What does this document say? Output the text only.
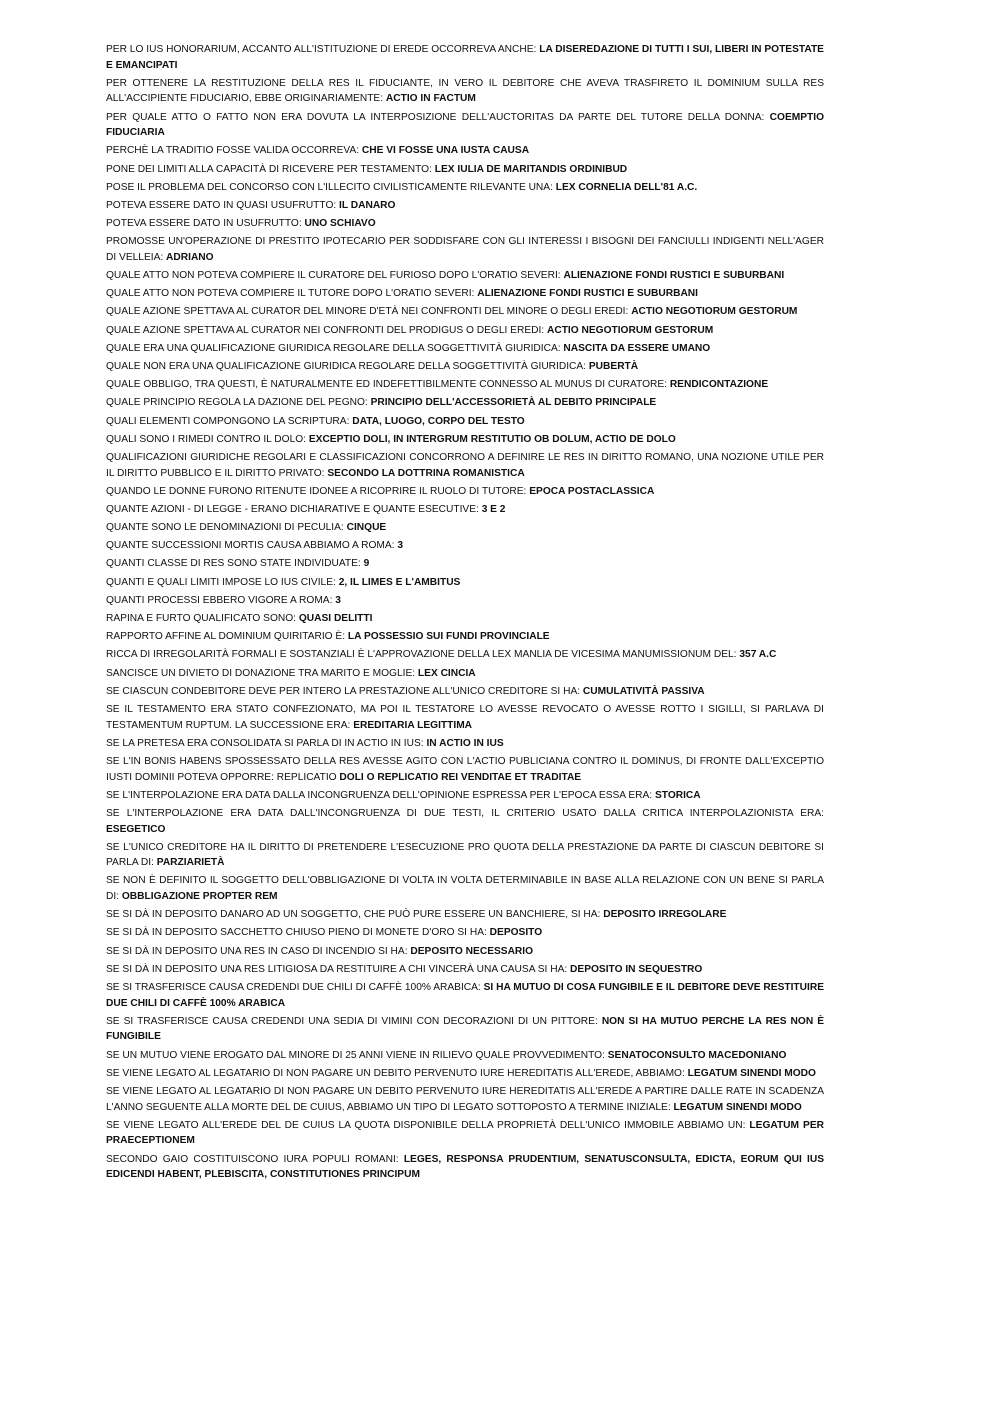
PER LO IUS HONORARIUM, ACCANTO ALL'ISTITUZIONE DI EREDE OCCORREVA ANCHE: LA DISEREDAZIONE DI TUTTI I SUI, LIBERI IN POTESTATE E EMANCIPATI

PER OTTENERE LA RESTITUZIONE DELLA RES IL FIDUCIANTE, IN VERO IL DEBITORE CHE AVEVA TRASFIRETO IL DOMINIUM SULLA RES ALL'ACCIPIENTE FIDUCIARIO, EBBE ORIGINARIAMENTE: ACTIO IN FACTUM

PER QUALE ATTO O FATTO NON ERA DOVUTA LA INTERPOSIZIONE DELL'AUCTORITAS DA PARTE DEL TUTORE DELLA DONNA: COEMPTIO FIDUCIARIA

PERCHÈ LA TRADITIO FOSSE VALIDA OCCORREVA: CHE VI FOSSE UNA IUSTA CAUSA

PONE DEI LIMITI ALLA CAPACITÀ DI RICEVERE PER TESTAMENTO: LEX IULIA DE MARITANDIS ORDINIBUD

POSE IL PROBLEMA DEL CONCORSO CON L'ILLECITO CIVILISTICAMENTE RILEVANTE UNA: LEX CORNELIA DELL'81 A.C.

POTEVA ESSERE DATO IN QUASI USUFRUTTO: IL DANARO

POTEVA ESSERE DATO IN USUFRUTTO: UNO SCHIAVO

PROMOSSE UN'OPERAZIONE DI PRESTITO IPOTECARIO PER SODDISFARE CON GLI INTERESSI I BISOGNI DEI FANCIULLI INDIGENTI NELL'AGER DI VELLEIA: ADRIANO

QUALE ATTO NON POTEVA COMPIERE IL CURATORE DEL FURIOSO DOPO L'ORATIO SEVERI: ALIENAZIONE FONDI RUSTICI E SUBURBANI

QUALE ATTO NON POTEVA COMPIERE IL TUTORE DOPO L'ORATIO SEVERI: ALIENAZIONE FONDI RUSTICI E SUBURBANI

QUALE AZIONE SPETTAVA AL CURATOR DEL MINORE D'ETÀ NEI CONFRONTI DEL MINORE O DEGLI EREDI: ACTIO NEGOTIORUM GESTORUM

QUALE AZIONE SPETTAVA AL CURATOR NEI CONFRONTI DEL PRODIGUS O DEGLI EREDI: ACTIO NEGOTIORUM GESTORUM

QUALE ERA UNA QUALIFICAZIONE GIURIDICA REGOLARE DELLA SOGGETTIVITÀ GIURIDICA: NASCITA DA ESSERE UMANO

QUALE NON ERA UNA QUALIFICAZIONE GIURIDICA REGOLARE DELLA SOGGETTIVITÀ GIURIDICA: PUBERTÀ

QUALE OBBLIGO, TRA QUESTI, È NATURALMENTE ED INDEFETTIBILMENTE CONNESSO AL MUNUS DI CURATORE: RENDICONTAZIONE

QUALE PRINCIPIO REGOLA LA DAZIONE DEL PEGNO: PRINCIPIO DELL'ACCESSORIETÀ AL DEBITO PRINCIPALE

QUALI ELEMENTI COMPONGONO LA SCRIPTURA: DATA, LUOGO, CORPO DEL TESTO

QUALI SONO I RIMEDI CONTRO IL DOLO: EXCEPTIO DOLI, IN INTERGRUM RESTITUTIO OB DOLUM, ACTIO DE DOLO

QUALIFICAZIONI GIURIDICHE REGOLARI E CLASSIFICAZIONI CONCORRONO A DEFINIRE LE RES IN DIRITTO ROMANO, UNA NOZIONE UTILE PER IL DIRITTO PUBBLICO E IL DIRITTO PRIVATO: SECONDO LA DOTTRINA ROMANISTICA

QUANDO LE DONNE FURONO RITENUTE IDONEE A RICOPRIRE IL RUOLO DI TUTORE: EPOCA POSTACLASSICA

QUANTE AZIONI - DI LEGGE - ERANO DICHIARATIVE E QUANTE ESECUTIVE: 3 E 2

QUANTE SONO LE DENOMINAZIONI DI PECULIA: CINQUE

QUANTE SUCCESSIONI MORTIS CAUSA ABBIAMO A ROMA: 3

QUANTI CLASSE DI RES SONO STATE INDIVIDUATE: 9

QUANTI E QUALI LIMITI IMPOSE LO IUS CIVILE: 2, IL LIMES E L'AMBITUS

QUANTI PROCESSI EBBERO VIGORE A ROMA: 3

RAPINA E FURTO QUALIFICATO SONO: QUASI DELITTI

RAPPORTO AFFINE AL DOMINIUM QUIRITARIO È: LA POSSESSIO SUI FUNDI PROVINCIALE

RICCA DI IRREGOLARITÀ FORMALI E SOSTANZIALI È L'APPROVAZIONE DELLA LEX MANLIA DE VICESIMA MANUMISSIONUM DEL: 357 A.C

SANCISCE UN DIVIETO DI DONAZIONE TRA MARITO E MOGLIE: LEX CINCIA

SE CIASCUN CONDEBITORE DEVE PER INTERO LA PRESTAZIONE ALL'UNICO CREDITORE SI HA: CUMULATIVITÀ PASSIVA

SE IL TESTAMENTO ERA STATO CONFEZIONATO, MA POI IL TESTATORE LO AVESSE REVOCATO O AVESSE ROTTO I SIGILLI, SI PARLAVA DI TESTAMENTUM RUPTUM. LA SUCCESSIONE ERA: EREDITARIA LEGITTIMA

SE LA PRETESA ERA CONSOLIDATA SI PARLA DI IN ACTIO IN IUS: IN ACTIO IN IUS

SE L'IN BONIS HABENS SPOSSESSATO DELLA RES AVESSE AGITO CON L'ACTIO PUBLICIANA CONTRO IL DOMINUS, DI FRONTE DALL'EXCEPTIO IUSTI DOMINII POTEVA OPPORRE: REPLICATIO DOLI O REPLICATIO REI VENDITAE ET TRADITAE

SE L'INTERPOLAZIONE ERA DATA DALLA INCONGRUENZA DELL'OPINIONE ESPRESSA PER L'EPOCA ESSA ERA: STORICA

SE L'INTERPOLAZIONE ERA DATA DALL'INCONGRUENZA DI DUE TESTI, IL CRITERIO USATO DALLA CRITICA INTERPOLAZIONISTA ERA: ESEGETICO

SE L'UNICO CREDITORE HA IL DIRITTO DI PRETENDERE L'ESECUZIONE PRO QUOTA DELLA PRESTAZIONE DA PARTE DI CIASCUN DEBITORE SI PARLA DI: PARZIARIETÀ

SE NON È DEFINITO IL SOGGETTO DELL'OBBLIGAZIONE DI VOLTA IN VOLTA DETERMINABILE IN BASE ALLA RELAZIONE CON UN BENE SI PARLA DI: OBBLIGAZIONE PROPTER REM

SE SI DÀ IN DEPOSITO DANARO AD UN SOGGETTO, CHE PUÒ PURE ESSERE UN BANCHIERE, SI HA: DEPOSITO IRREGOLARE

SE SI DÀ IN DEPOSITO SACCHETTO CHIUSO PIENO DI MONETE D'ORO SI HA: DEPOSITO

SE SI DÀ IN DEPOSITO UNA RES IN CASO DI INCENDIO SI HA: DEPOSITO NECESSARIO

SE SI DÀ IN DEPOSITO UNA RES LITIGIOSA DA RESTITUIRE A CHI VINCERÀ UNA CAUSA SI HA: DEPOSITO IN SEQUESTRO

SE SI TRASFERISCE CAUSA CREDENDI DUE CHILI DI CAFFÈ 100% ARABICA: SI HA MUTUO DI COSA FUNGIBILE E IL DEBITORE DEVE RESTITUIRE DUE CHILI DI CAFFÈ 100% ARABICA

SE SI TRASFERISCE CAUSA CREDENDI UNA SEDIA DI VIMINI CON DECORAZIONI DI UN PITTORE: NON SI HA MUTUO PERCHE LA RES NON È FUNGIBILE

SE UN MUTUO VIENE EROGATO DAL MINORE DI 25 ANNI VIENE IN RILIEVO QUALE PROVVEDIMENTO: SENATOCONSULTO MACEDONIANO

SE VIENE LEGATO AL LEGATARIO DI NON PAGARE UN DEBITO PERVENUTO IURE HEREDITATIS ALL'EREDE, ABBIAMO: LEGATUM SINENDI MODO

SE VIENE LEGATO AL LEGATARIO DI NON PAGARE UN DEBITO PERVENUTO IURE HEREDITATIS ALL'EREDE A PARTIRE DALLE RATE IN SCADENZA L'ANNO SEGUENTE ALLA MORTE DEL DE CUIUS, ABBIAMO UN TIPO DI LEGATO SOTTOPOSTO A TERMINE INIZIALE: LEGATUM SINENDI MODO

SE VIENE LEGATO ALL'EREDE DEL DE CUIUS LA QUOTA DISPONIBILE DELLA PROPRIETÀ DELL'UNICO IMMOBILE ABBIAMO UN: LEGATUM PER PRAECEPTIONEM

SECONDO GAIO COSTITUISCONO IURA POPULI ROMANI: LEGES, RESPONSA PRUDENTIUM, SENATUSCONSULTA, EDICTA, EORUM QUI IUS EDICENDI HABENT, PLEBISCITA, CONSTITUTIONES PRINCIPUM
